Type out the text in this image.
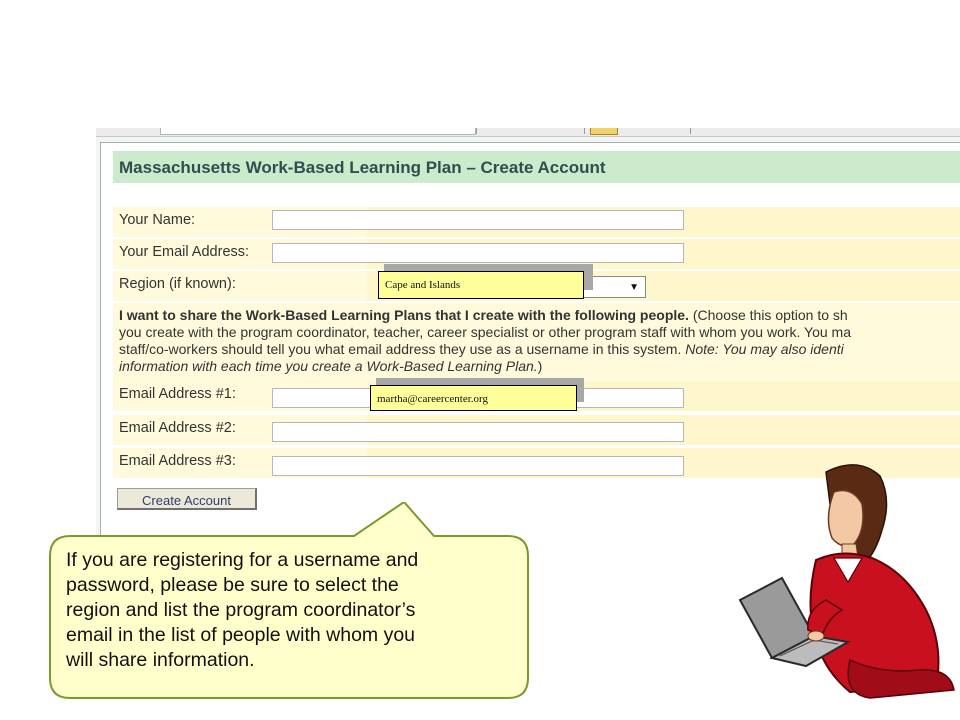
Massachusetts Work-Based Learning Plan – Create Account
Your Name:
Your Email Address:
Region (if known):

I want to share the Work-Based Learning Plans that I create with the following people. (Choose this option to sh
you create with the program coordinator, teacher, career specialist or other program staff with whom you work. You ma
staff/co-workers should tell you what email address they use as a username in this system. Note: You may also identi
information with each time you create a Work-Based Learning Plan.)

Email Address #1:
Email Address #2:
Email Address #3:
Create Account
▼
Cape and Islands
martha@careercenter.org
If you are registering for a username and
password, please be sure to select the
region and list the program coordinator’s
email in the list of people with whom you
will share information.
